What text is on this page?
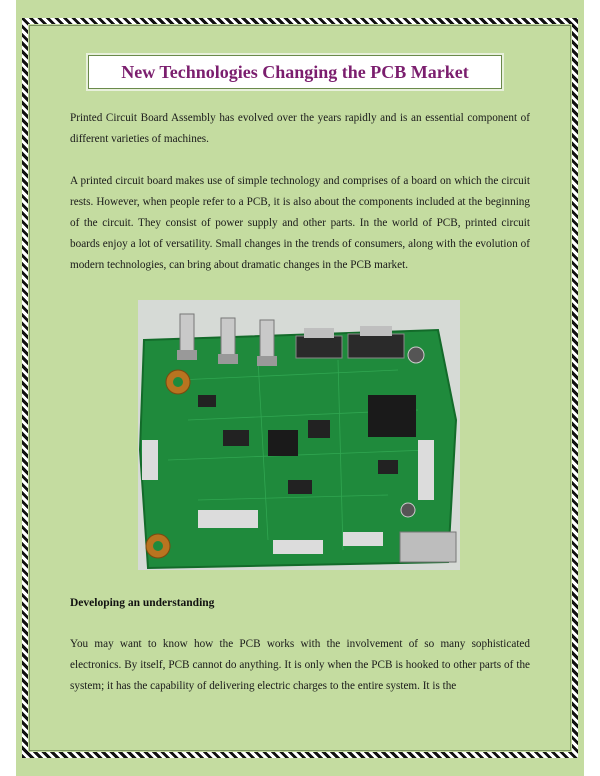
New Technologies Changing the PCB Market

Printed Circuit Board Assembly has evolved over the years rapidly and is an essential component of different varieties of machines.

A printed circuit board makes use of simple technology and comprises of a board on which the circuit rests. However, when people refer to a PCB, it is also about the components included at the beginning of the circuit. They consist of power supply and other parts. In the world of PCB, printed circuit boards enjoy a lot of versatility. Small changes in the trends of consumers, along with the evolution of modern technologies, can bring about dramatic changes in the PCB market.

Developing an understanding

You may want to know how the PCB works with the involvement of so many sophisticated electronics. By itself, PCB cannot do anything. It is only when the PCB is hooked to other parts of the system; it has the capability of delivering electric charges to the entire system. It is the
